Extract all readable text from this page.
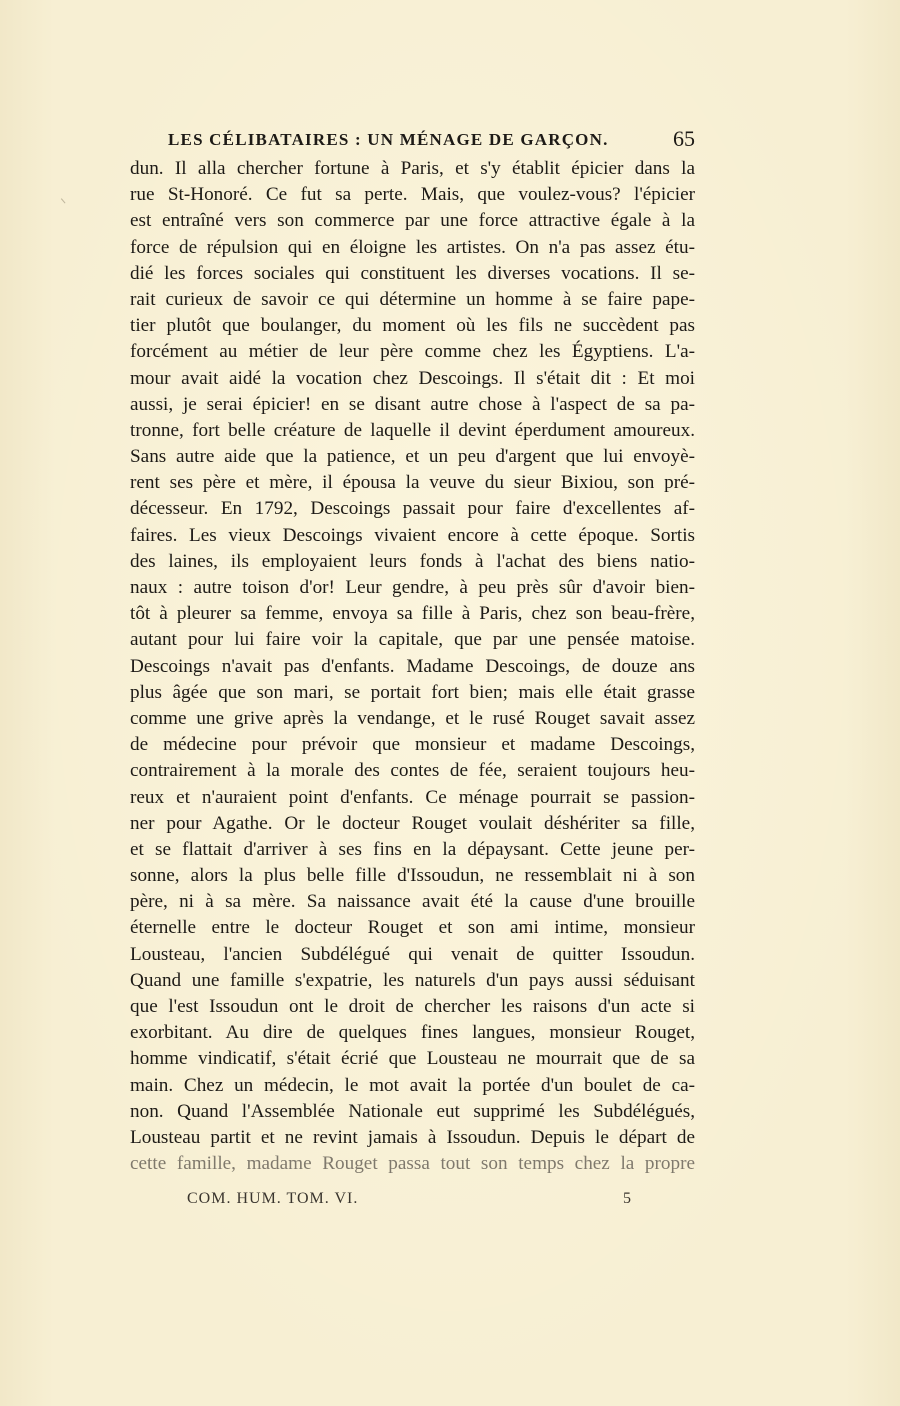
LES CÉLIBATAIRES : UN MÉNAGE DE GARÇON.	65
dun. Il alla chercher fortune à Paris, et s'y établit épicier dans la
rue St-Honoré. Ce fut sa perte. Mais, que voulez-vous? l'épicier
est entraîné vers son commerce par une force attractive égale à la
force de répulsion qui en éloigne les artistes. On n'a pas assez étu-
dié les forces sociales qui constituent les diverses vocations. Il se-
rait curieux de savoir ce qui détermine un homme à se faire pape-
tier plutôt que boulanger, du moment où les fils ne succèdent pas
forcément au métier de leur père comme chez les Égyptiens. L'a-
mour avait aidé la vocation chez Descoings. Il s'était dit : Et moi
aussi, je serai épicier! en se disant autre chose à l'aspect de sa pa-
tronne, fort belle créature de laquelle il devint éperdument amoureux.
Sans autre aide que la patience, et un peu d'argent que lui envoyè-
rent ses père et mère, il épousa la veuve du sieur Bixiou, son pré-
décesseur. En 1792, Descoings passait pour faire d'excellentes af-
faires. Les vieux Descoings vivaient encore à cette époque. Sortis
des laines, ils employaient leurs fonds à l'achat des biens natio-
naux : autre toison d'or! Leur gendre, à peu près sûr d'avoir bien-
tôt à pleurer sa femme, envoya sa fille à Paris, chez son beau-frère,
autant pour lui faire voir la capitale, que par une pensée matoise.
Descoings n'avait pas d'enfants. Madame Descoings, de douze ans
plus âgée que son mari, se portait fort bien; mais elle était grasse
comme une grive après la vendange, et le rusé Rouget savait assez
de médecine pour prévoir que monsieur et madame Descoings,
contrairement à la morale des contes de fée, seraient toujours heu-
reux et n'auraient point d'enfants. Ce ménage pourrait se passion-
ner pour Agathe. Or le docteur Rouget voulait déshériter sa fille,
et se flattait d'arriver à ses fins en la dépaysant. Cette jeune per-
sonne, alors la plus belle fille d'Issoudun, ne ressemblait ni à son
père, ni à sa mère. Sa naissance avait été la cause d'une brouille
éternelle entre le docteur Rouget et son ami intime, monsieur
Lousteau, l'ancien Subdélégué qui venait de quitter Issoudun.
Quand une famille s'expatrie, les naturels d'un pays aussi séduisant
que l'est Issoudun ont le droit de chercher les raisons d'un acte si
exorbitant. Au dire de quelques fines langues, monsieur Rouget,
homme vindicatif, s'était écrié que Lousteau ne mourrait que de sa
main. Chez un médecin, le mot avait la portée d'un boulet de ca-
non. Quand l'Assemblée Nationale eut supprimé les Subdélégués,
Lousteau partit et ne revint jamais à Issoudun. Depuis le départ de
cette famille, madame Rouget passa tout son temps chez la propre
COM. HUM. TOM. VI.	5
